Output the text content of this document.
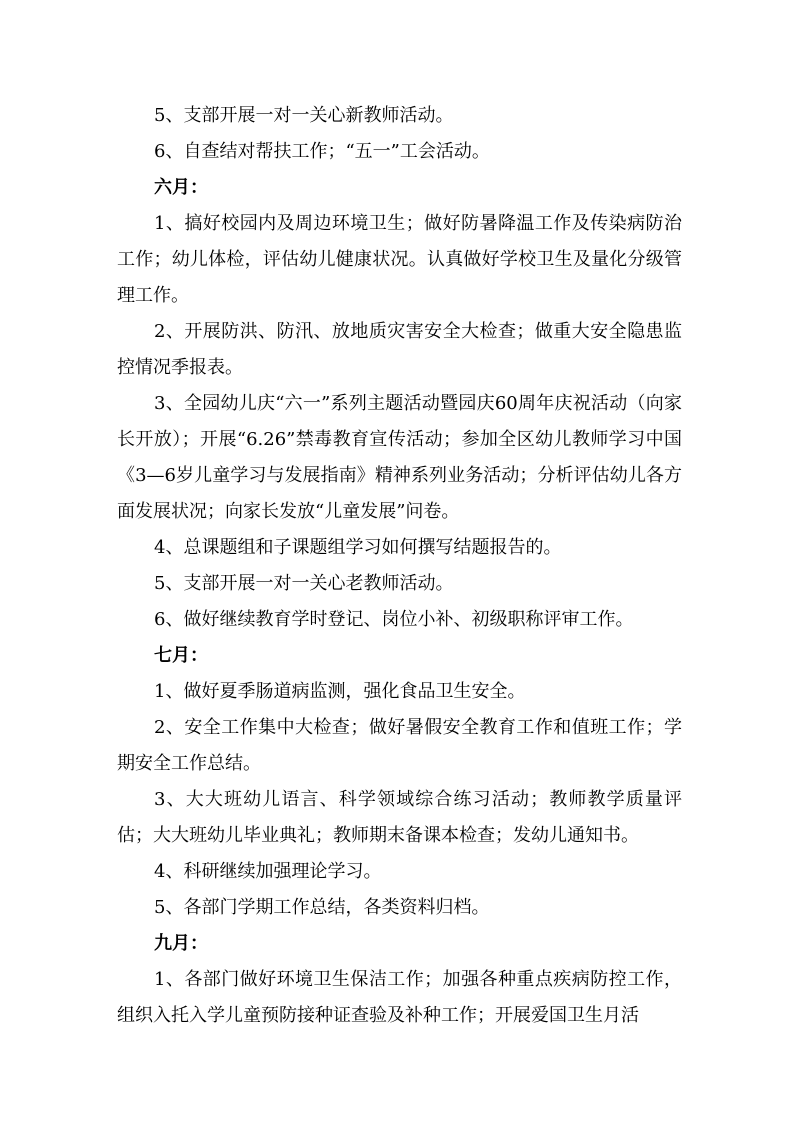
5、支部开展一对一关心新教师活动。

6、自查结对帮扶工作；“五一”工会活动。

六月：

1、搞好校园内及周边环境卫生；做好防暑降温工作及传染病防治工作；幼儿体检，评估幼儿健康状况。认真做好学校卫生及量化分级管理工作。

2、开展防洪、防汛、放地质灾害安全大检查；做重大安全隐患监控情况季报表。

3、全园幼儿庆“六一”系列主题活动暨园庆60周年庆祝活动（向家长开放）；开展“6.26”禁毒教育宣传活动；参加全区幼儿教师学习中国《3—6岁儿童学习与发展指南》精神系列业务活动；分析评估幼儿各方面发展状况；向家长发放“儿童发展”问卷。

4、总课题组和子课题组学习如何撰写结题报告的。

5、支部开展一对一关心老教师活动。

6、做好继续教育学时登记、岗位小补、初级职称评审工作。

七月：

1、做好夏季肠道病监测，强化食品卫生安全。

2、安全工作集中大检查；做好暑假安全教育工作和值班工作；学期安全工作总结。

3、大大班幼儿语言、科学领域综合练习活动；教师教学质量评估；大大班幼儿毕业典礼；教师期末备课本检查；发幼儿通知书。

4、科研继续加强理论学习。

5、各部门学期工作总结，各类资料归档。

九月：

1、各部门做好环境卫生保洁工作；加强各种重点疾病防控工作，组织入托入学儿童预防接种证查验及补种工作；开展爱国卫生月活
